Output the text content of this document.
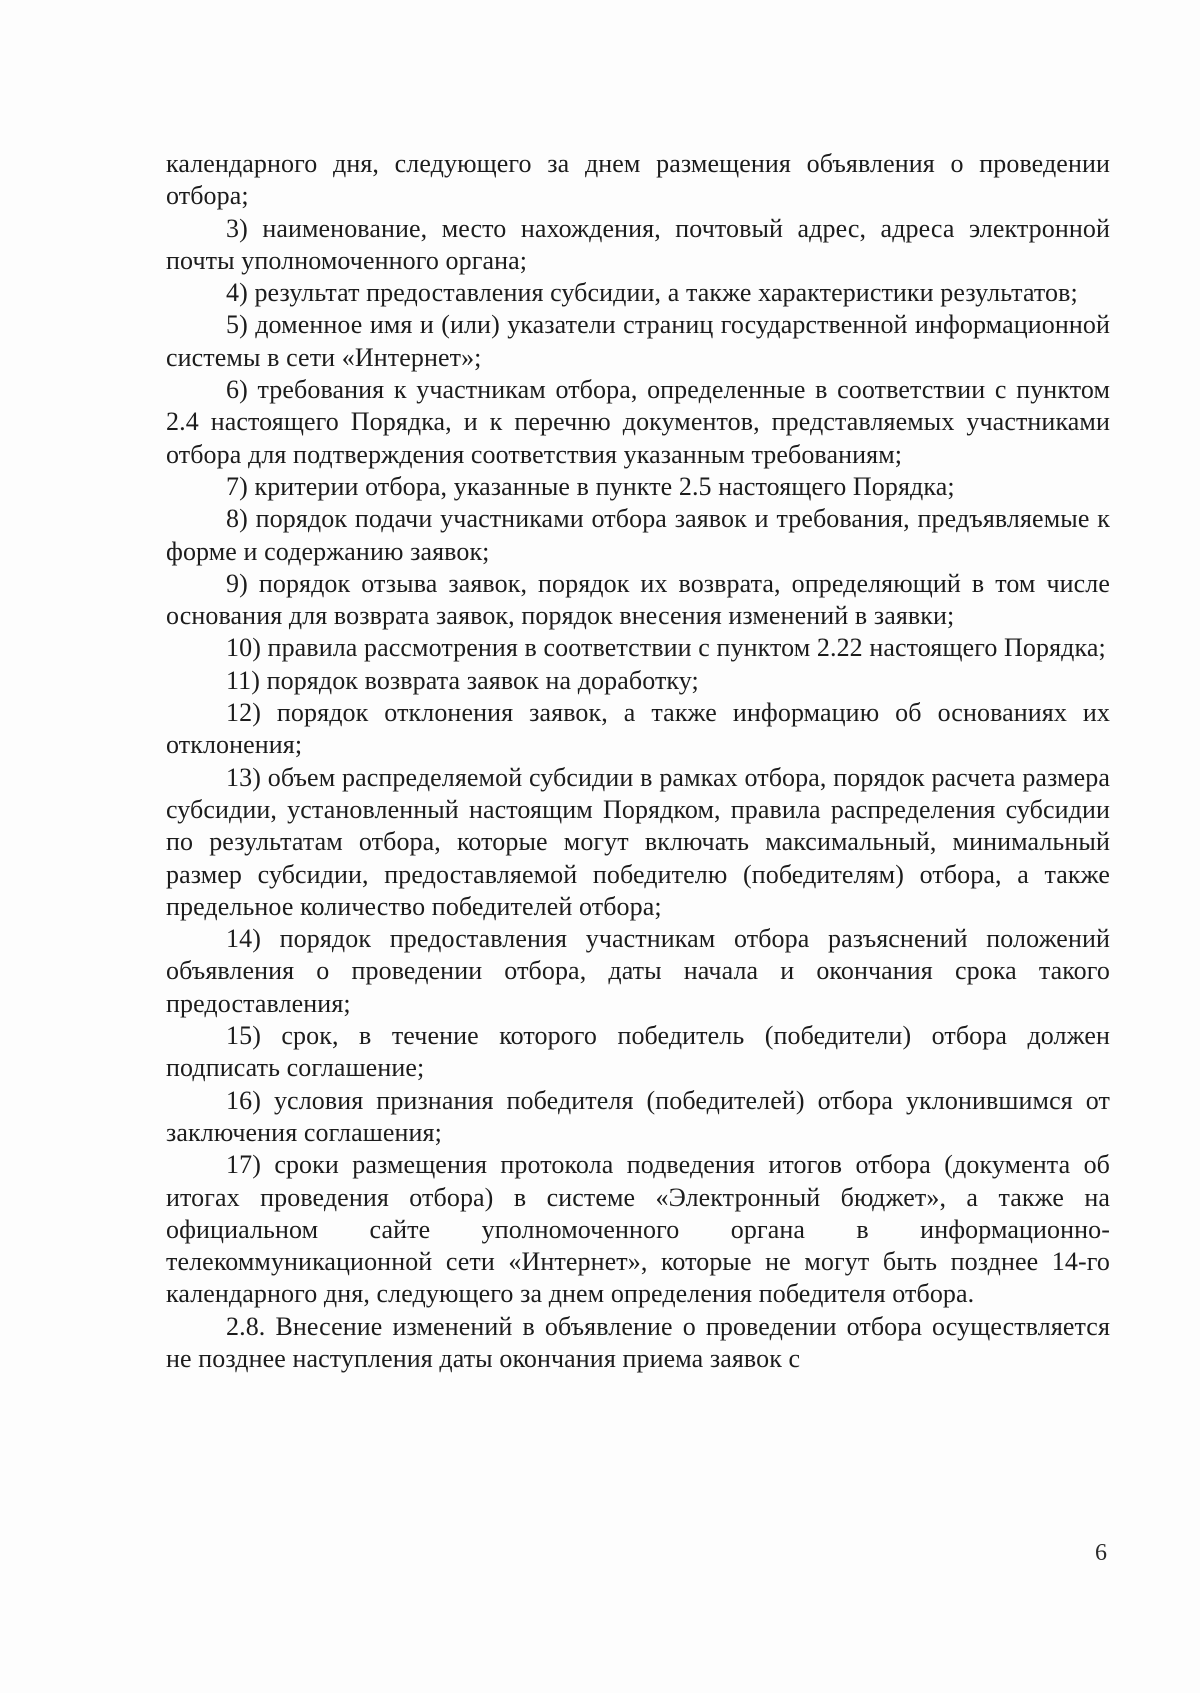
календарного дня, следующего за днем размещения объявления о проведении отбора;

3) наименование, место нахождения, почтовый адрес, адреса электронной почты уполномоченного органа;

4) результат предоставления субсидии, а также характеристики результатов;

5) доменное имя и (или) указатели страниц государственной информационной системы в сети «Интернет»;

6) требования к участникам отбора, определенные в соответствии с пунктом 2.4 настоящего Порядка, и к перечню документов, представляемых участниками отбора для подтверждения соответствия указанным требованиям;

7) критерии отбора, указанные в пункте 2.5 настоящего Порядка;

8) порядок подачи участниками отбора заявок и требования, предъявляемые к форме и содержанию заявок;

9) порядок отзыва заявок, порядок их возврата, определяющий в том числе основания для возврата заявок, порядок внесения изменений в заявки;

10) правила рассмотрения в соответствии с пунктом 2.22 настоящего Порядка;

11) порядок возврата заявок на доработку;

12) порядок отклонения заявок, а также информацию об основаниях их отклонения;

13) объем распределяемой субсидии в рамках отбора, порядок расчета размера субсидии, установленный настоящим Порядком, правила распределения субсидии по результатам отбора, которые могут включать максимальный, минимальный размер субсидии, предоставляемой победителю (победителям) отбора, а также предельное количество победителей отбора;

14) порядок предоставления участникам отбора разъяснений положений объявления о проведении отбора, даты начала и окончания срока такого предоставления;

15) срок, в течение которого победитель (победители) отбора должен подписать соглашение;

16) условия признания победителя (победителей) отбора уклонившимся от заключения соглашения;

17) сроки размещения протокола подведения итогов отбора (документа об итогах проведения отбора) в системе «Электронный бюджет», а также на официальном сайте уполномоченного органа в информационно-телекоммуникационной сети «Интернет», которые не могут быть позднее 14-го календарного дня, следующего за днем определения победителя отбора.

2.8. Внесение изменений в объявление о проведении отбора осуществляется не позднее наступления даты окончания приема заявок с

6
